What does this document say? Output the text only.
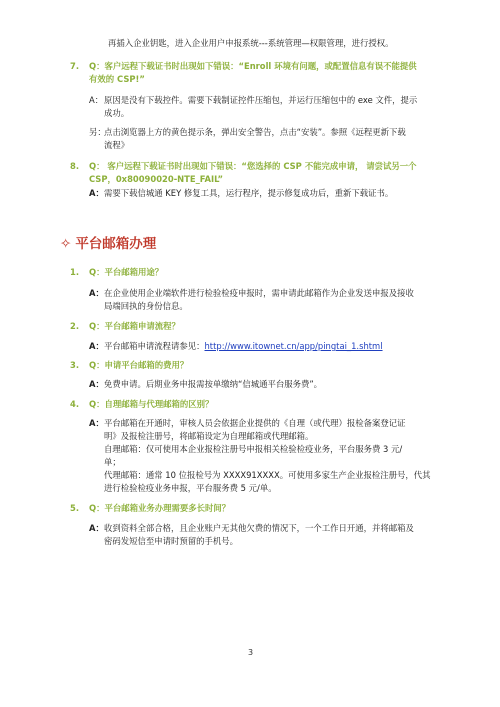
再插入企业钥匙，进入企业用户申报系统---系统管理—权限管理，进行授权。
7. Q：客户远程下载证书时出现如下错误：“Enroll 环境有问题，或配置信息有误不能提供
有效的 CSP!”
A： 原因是没有下载控件。需要下载制证控件压缩包，并运行压缩包中的 exe 文件，提示
成功。
另：
点击浏览器上方的黄色提示条，弹出安全警告，点击“安装”。参照《远程更新下载
流程》
8. Q： 客户远程下载证书时出现如下错误：“您选择的 CSP 不能完成申请， 请尝试另一个
CSP，0x80090020-NTE_FAIL”
A： 需要下载信城通 KEY 修复工具，运行程序，提示修复成功后，重新下载证书。
✧ 平台邮箱办理
1. Q：平台邮箱用途？
A： 在企业使用企业端软件进行检验检疫申报时，需申请此邮箱作为企业发送申报及接收
局端回执的身份信息。
2. Q：平台邮箱申请流程？
A： 平台邮箱申请流程请参见：http://www.itownet.cn/app/pingtai_1.shtml
3. Q：申请平台邮箱的费用？
A： 免费申请。后期业务申报需按单缴纳“信城通平台服务费”。
4. Q：自理邮箱与代理邮箱的区别？
A： 平台邮箱在开通时，审核人员会依据企业提供的《自理（或代理）报检备案登记证
明》及报检注册号，将邮箱设定为自理邮箱或代理邮箱。
自理邮箱：仅可使用本企业报检注册号申报相关检验检疫业务，平台服务费 3 元/
单；
代理邮箱：通常 10 位报检号为 XXXX91XXXX。可使用多家生产企业报检注册号，代其
进行检验检疫业务申报，平台服务费 5 元/单。
5. Q：平台邮箱业务办理需要多长时间？
A： 收到资料全部合格，且企业账户无其他欠费的情况下，一个工作日开通，并将邮箱及
密码发短信至申请时预留的手机号。
3
